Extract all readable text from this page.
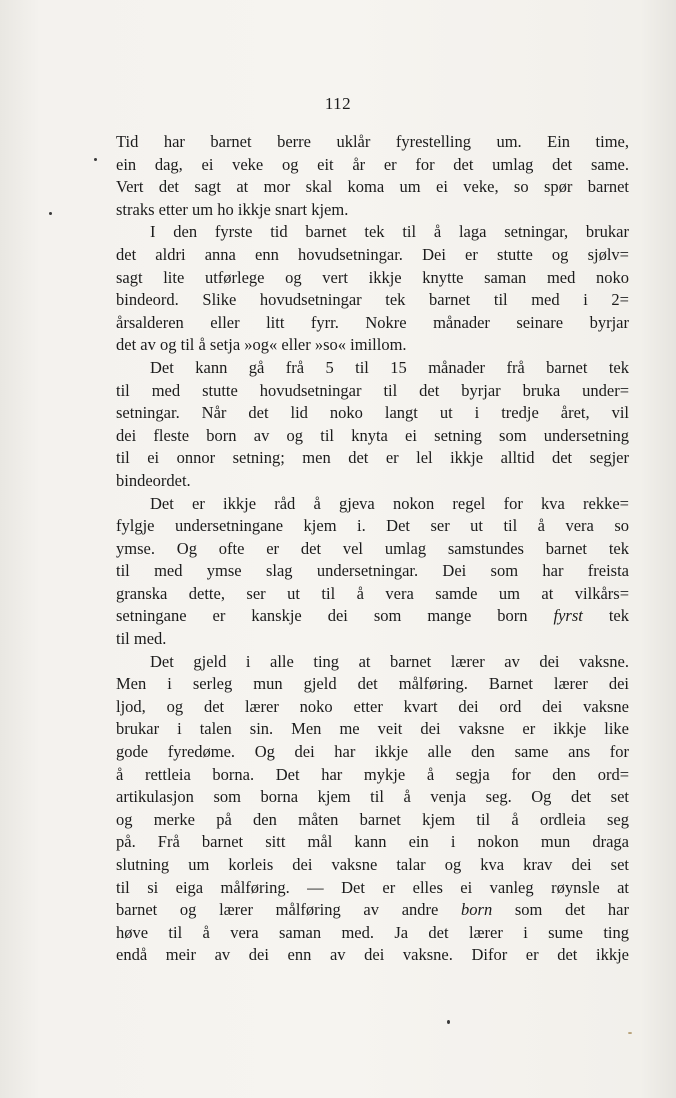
112
Tid har barnet berre uklår fyrestelling um. Ein time,
ein dag, ei veke og eit år er for det umlag det same.
Vert det sagt at mor skal koma um ei veke, so spør barnet
straks etter um ho ikkje snart kjem.
I den fyrste tid barnet tek til å laga setningar, brukar
det aldri anna enn hovudsetningar. Dei er stutte og sjølv=
sagt lite utførlege og vert ikkje knytte saman med noko
bindeord. Slike hovudsetningar tek barnet til med i 2=
årsalderen eller litt fyrr. Nokre månader seinare byrjar
det av og til å setja »og« eller »so« imillom.
Det kann gå frå 5 til 15 månader frå barnet tek
til med stutte hovudsetningar til det byrjar bruka under=
setningar. Når det lid noko langt ut i tredje året, vil
dei fleste born av og til knyta ei setning som undersetning
til ei onnor setning; men det er lel ikkje alltid det segjer
bindeordet.
Det er ikkje råd å gjeva nokon regel for kva rekke=
fylgje undersetningane kjem i. Det ser ut til å vera so
ymse. Og ofte er det vel umlag samstundes barnet tek
til med ymse slag undersetningar. Dei som har freista
granska dette, ser ut til å vera samde um at vilkårs=
setningane er kanskje dei som mange born fyrst tek
til med.
Det gjeld i alle ting at barnet lærer av dei vaksne.
Men i serleg mun gjeld det målføring. Barnet lærer dei
ljod, og det lærer noko etter kvart dei ord dei vaksne
brukar i talen sin. Men me veit dei vaksne er ikkje like
gode fyredøme. Og dei har ikkje alle den same ans for
å rettleia borna. Det har mykje å segja for den ord=
artikulasjon som borna kjem til å venja seg. Og det set
og merke på den måten barnet kjem til å ordleia seg
på. Frå barnet sitt mål kann ein i nokon mun draga
slutning um korleis dei vaksne talar og kva krav dei set
til si eiga målføring. — Det er elles ei vanleg røynsle at
barnet og lærer målføring av andre born som det har
høve til å vera saman med. Ja det lærer i sume ting
endå meir av dei enn av dei vaksne. Difor er det ikkje
